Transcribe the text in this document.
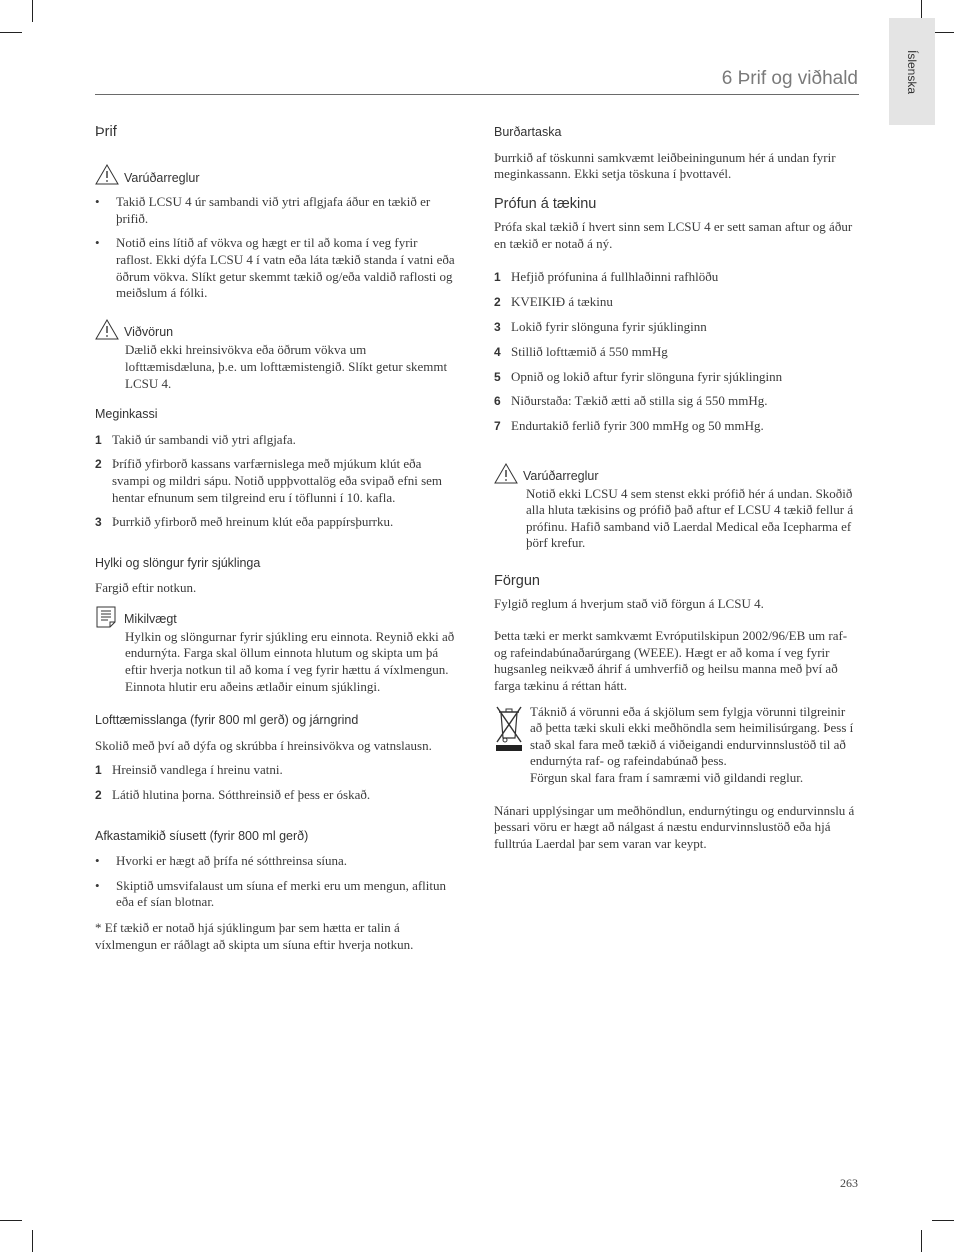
Íslenska
6 Þrif og viðhald
263
Þrif
Varúðarreglur
• Takið LCSU 4 úr sambandi við ytri aflgjafa áður en tækið er þrifið.
• Notið eins lítið af vökva og hægt er til að koma í veg fyrir raflost. Ekki dýfa LCSU 4 í vatn eða láta tækið standa í vatni eða öðrum vökva. Slíkt getur skemmt tækið og/eða valdið raflosti og meiðslum á fólki.
Viðvörun

Dælið ekki hreinsivökva eða öðrum vökva um lofttæmisdæluna, þ.e. um lofttæmistengið. Slíkt getur skemmt LCSU 4.

Meginkassi
1 Takið úr sambandi við ytri aflgjafa.
2 Þrífið yfirborð kassans varfærnislega með mjúkum klút eða svampi og mildri sápu. Notið uppþvottalög eða svipað efni sem hentar efnunum sem tilgreind eru í töflunni í 10. kafla.
3 Þurrkið yfirborð með hreinum klút eða pappírsþurrku.
Hylki og slöngur fyrir sjúklinga

Fargið eftir notkun.

Mikilvægt

Hylkin og slöngurnar fyrir sjúkling eru einnota. Reynið ekki að endurnýta. Farga skal öllum einnota hlutum og skipta um þá eftir hverja notkun til að koma í veg fyrir hættu á víxlmengun. Einnota hlutir eru aðeins ætlaðir einum sjúklingi.

Lofttæmisslanga (fyrir 800 ml gerð) og járngrind

Skolið með því að dýfa og skrúbba í hreinsivökva og vatnslausn.

1 Hreinsið vandlega í hreinu vatni.
2 Látið hlutina þorna. Sótthreinsið ef þess er óskað.
Afkastamikið síusett (fyrir 800 ml gerð)
• Hvorki er hægt að þrífa né sótthreinsa síuna.
• Skiptið umsvifalaust um síuna ef merki eru um mengun, aflitun eða ef sían blotnar.

* Ef tækið er notað hjá sjúklingum þar sem hætta er talin á víxlmengun er ráðlagt að skipta um síuna eftir hverja notkun.

Burðartaska

Þurrkið af töskunni samkvæmt leiðbeiningunum hér á undan fyrir meginkassann. Ekki setja töskuna í þvottavél.

Prófun á tækinu

Prófa skal tækið í hvert sinn sem LCSU 4 er sett saman aftur og áður en tækið er notað á ný.

1 Hefjið prófunina á fullhlaðinni rafhlöðu
2 KVEIKIÐ á tækinu
3 Lokið fyrir slönguna fyrir sjúklinginn
4 Stillið lofttæmið á 550 mmHg
5 Opnið og lokið aftur fyrir slönguna fyrir sjúklinginn
6 Niðurstaða: Tækið ætti að stilla sig á 550 mmHg.
7 Endurtakið ferlið fyrir 300 mmHg og 50 mmHg.
Varúðarreglur

Notið ekki LCSU 4 sem stenst ekki prófið hér á undan. Skoðið alla hluta tækisins og prófið það aftur ef LCSU 4 tækið fellur á prófinu. Hafið samband við Laerdal Medical eða Icepharma ef þörf krefur.

Förgun

Fylgið reglum á hverjum stað við förgun á LCSU 4.

Þetta tæki er merkt samkvæmt Evróputilskipun 2002/96/EB um raf- og rafeindabúnaðarúrgang (WEEE). Hægt er að koma í veg fyrir hugsanleg neikvæð áhrif á umhverfið og heilsu manna með því að farga tækinu á réttan hátt.

Táknið á vörunni eða á skjölum sem fylgja vörunni tilgreinir að þetta tæki skuli ekki meðhöndla sem heimilisúrgang. Þess í stað skal fara með tækið á viðeigandi endurvinnslustöð til að endurnýta raf- og rafeindabúnað þess.

Förgun skal fara fram í samræmi við gildandi reglur.

Nánari upplýsingar um meðhöndlun, endurnýtingu og endurvinnslu á þessari vöru er hægt að nálgast á næstu endurvinnslustöð eða hjá fulltrúa Laerdal þar sem varan var keypt.
